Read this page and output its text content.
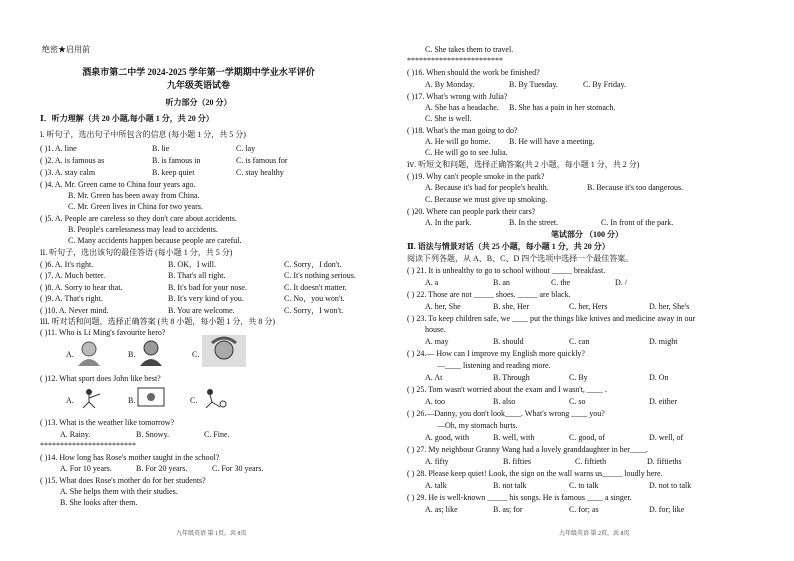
绝密★启用前
酒泉市第二中学 2024-2025 学年第一学期期中学业水平评价
九年级英语试卷
听力部分（20 分）
Ⅰ．听力理解（共 20 小题,每小题 1 分，共 20 分）
ⅰ. 听句子，选出句子中所包含的信息 (每小题 1 分，共 5 分)
( )1. A. line	B. lie	C. lay
( )2. A. is famous as	B. is famous in	C. is famous for
( )3. A. stay calm	B. keep quiet	C. stay healthy
( )4. A. Mr. Green came to China four years ago.
B. Mr. Green has been away from China.
C. Mr. Green lives in China for two years.
( )5. A. People are careless so they don't care about accidents.
B. People's carelessness may lead to accidents.
C. Many accidents happen because people are careful.
ⅱ. 听句子，选出该句的最佳答语 (每小题 1 分，共 5 分)
( )6. A. It's right.	B. OK，I will.	C. Sorry，I don't.
( )7. A. Much better.	B. That's all right.	C. It's nothing serious.
( )8. A. Sorry to hear that.	B. It's bad for your nose.	C. It doesn't matter.
( )9. A. That's right.	B. It's very kind of you.	C. No，you won't.
( )10. A. Never mind.	B. You are welcome.	C. Sorry，I won't.
ⅲ. 听对话和问题，选择正确答案 (共 8 小题，每小题 1 分，共 8 分)
( )11. Who is Li Ming's favourite hero?
A.	B.	C.
( )12. What sport does John like best?
A.	B.	C.
( )13. What is the weather like tomorrow?
A. Rainy.	B. Snowy.	C. Fine.
************************
( )14. How long has Rose's mother taught in the school?
A. For 10 years.	B. For 20 years.	C. For 30 years.
( )15. What does Rose's mother do for her students?
A. She helps them with their studies.
B. She looks after them.
九年级英语 第 1页，共 8页
C. She takes them to travel.
************************
( )16. When should the work be finished?
A. By Monday.	B. By Tuesday.	C. By Friday.
( )17. What's wrong with Julia?
A. She has a headache. B. She has a pain in her stomach.
C. She is well.
( )18. What's the man going to do?
A. He will go home. B. He will have a meeting.
C. He will go to see Julia.
ⅳ. 听短文和问题，选择正确答案(共 2 小题，每小题 1 分，共 2 分)
( )19. Why can't people smoke in the park?
A. Because it's bad for people's health.	B. Because it's too dangerous.
C. Because we must give up smoking.
( )20. Where can people park their cars?
A. In the park.	B. In the street.	C. In front of the park.
笔试部分 （100 分）
Ⅱ. 语法与情景对话（共 25 小题，每小题 1 分，共 20 分）
阅读下列各题，从 A、B、C、D 四个选项中选择一个最佳答案。
( ) 21. It is unhealthy to go to school without _____ breakfast.
A. a	B. an	C. the	D. /
( ) 22. Those are not _____ shoes. _____ are black.
A. her, She	B. she, Her	C. her, Hers	D. her, She's
( ) 23. To keep children safe, we ____ put the things like knives and medicine away in our
house.
A. may	B. should	C. can	D. might
( ) 24.— How can I improve my English more quickly?
—____ listening and reading more.
A. At	B. Through	C. By	D. On
( ) 25. Tom wasn't worried about the exam and I wasn't, ____ .
A. too	B. also	C. so	D. either
( ) 26.—Danny, you don't look____. What's wrong ____ you?
—Oh, my stomach hurts.
A. good, with	B. well, with	C. good, of	D. well, of
( ) 27. My neighbour Granny Wang had a lovely granddaughter in her____.
A. fifty	B. fifties	C. fiftieth	D. fiftieths
( ) 28. Please keep quiet! Look, the sign on the wall warns us_____ loudly here.
A. talk	B. not talk	C. to talk	D. not to talk
( ) 29. He is well-known _____ his songs. He is famous ____ a singer.
A. as; like	B. as; for	C. for; as	D. for; like
九年级英语 第 2页，共 8页
